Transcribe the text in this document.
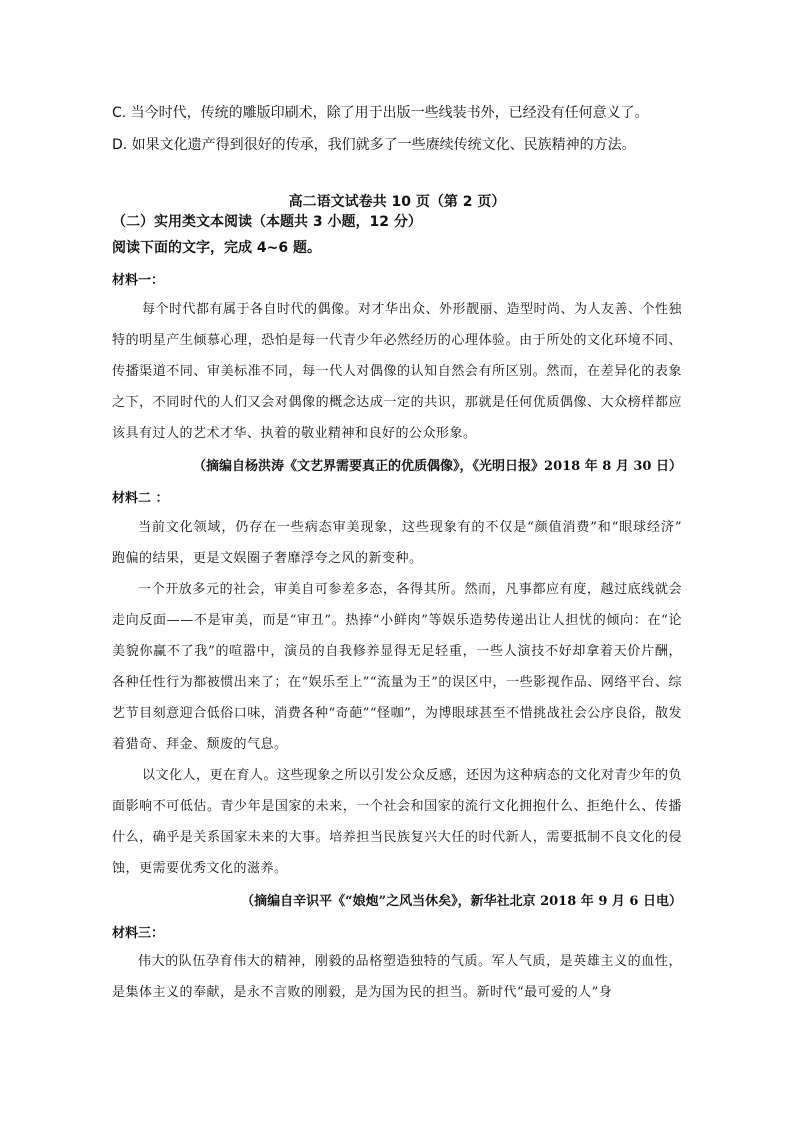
C. 当今时代，传统的雕版印刷术，除了用于出版一些线装书外，已经没有任何意义了。
D. 如果文化遗产得到很好的传承，我们就多了一些赓续传统文化、民族精神的方法。
高二语文试卷共 10 页（第 2 页）
（二）实用类文本阅读（本题共 3 小题，12 分）
阅读下面的文字，完成 4~6 题。
材料一：
每个时代都有属于各自时代的偶像。对才华出众、外形靓丽、造型时尚、为人友善、个性独特的明星产生倾慕心理，恐怕是每一代青少年必然经历的心理体验。由于所处的文化环境不同、传播渠道不同、审美标准不同，每一代人对偶像的认知自然会有所区别。然而，在差异化的表象之下，不同时代的人们又会对偶像的概念达成一定的共识，那就是任何优质偶像、大众榜样都应该具有过人的艺术才华、执着的敬业精神和良好的公众形象。
（摘编自杨洪涛《文艺界需要真正的优质偶像》，《光明日报》2018 年 8 月 30 日）
材料二 ：
当前文化领域，仍存在一些病态审美现象，这些现象有的不仅是“颜值消费”和“眼球经济” 跑偏的结果，更是文娱圈子奢靡浮夸之风的新变种。
一个开放多元的社会，审美自可参差多态，各得其所。然而，凡事都应有度，越过底线就会走向反面——不是审美，而是“审丑”。热捧“小鲜肉”等娱乐造势传递出让人担忧的倾向：在“论美貌你赢不了我”的喧嚣中，演员的自我修养显得无足轻重，一些人演技不好却拿着天价片酬，各种任性行为都被惯出来了；在“娱乐至上”“流量为王”的误区中，一些影视作品、网络平台、综艺节目刻意迎合低俗口味，消费各种“奇葩”“怪咖”，为博眼球甚至不惜挑战社会公序良俗，散发着猎奇、拜金、颓废的气息。
以文化人，更在育人。这些现象之所以引发公众反感，还因为这种病态的文化对青少年的负面影响不可低估。青少年是国家的未来，一个社会和国家的流行文化拥抱什么、拒绝什么、传播什么，确乎是关系国家未来的大事。培养担当民族复兴大任的时代新人，需要抵制不良文化的侵蚀，更需要优秀文化的滋养。
（摘编自辛识平《“娘炮”之风当休矣》，新华社北京 2018 年 9 月 6 日电）
材料三：
伟大的队伍孕育伟大的精神，刚毅的品格塑造独特的气质。军人气质，是英雄主义的血性，是集体主义的奉献，是永不言败的刚毅，是为国为民的担当。新时代“最可爱的人”身
